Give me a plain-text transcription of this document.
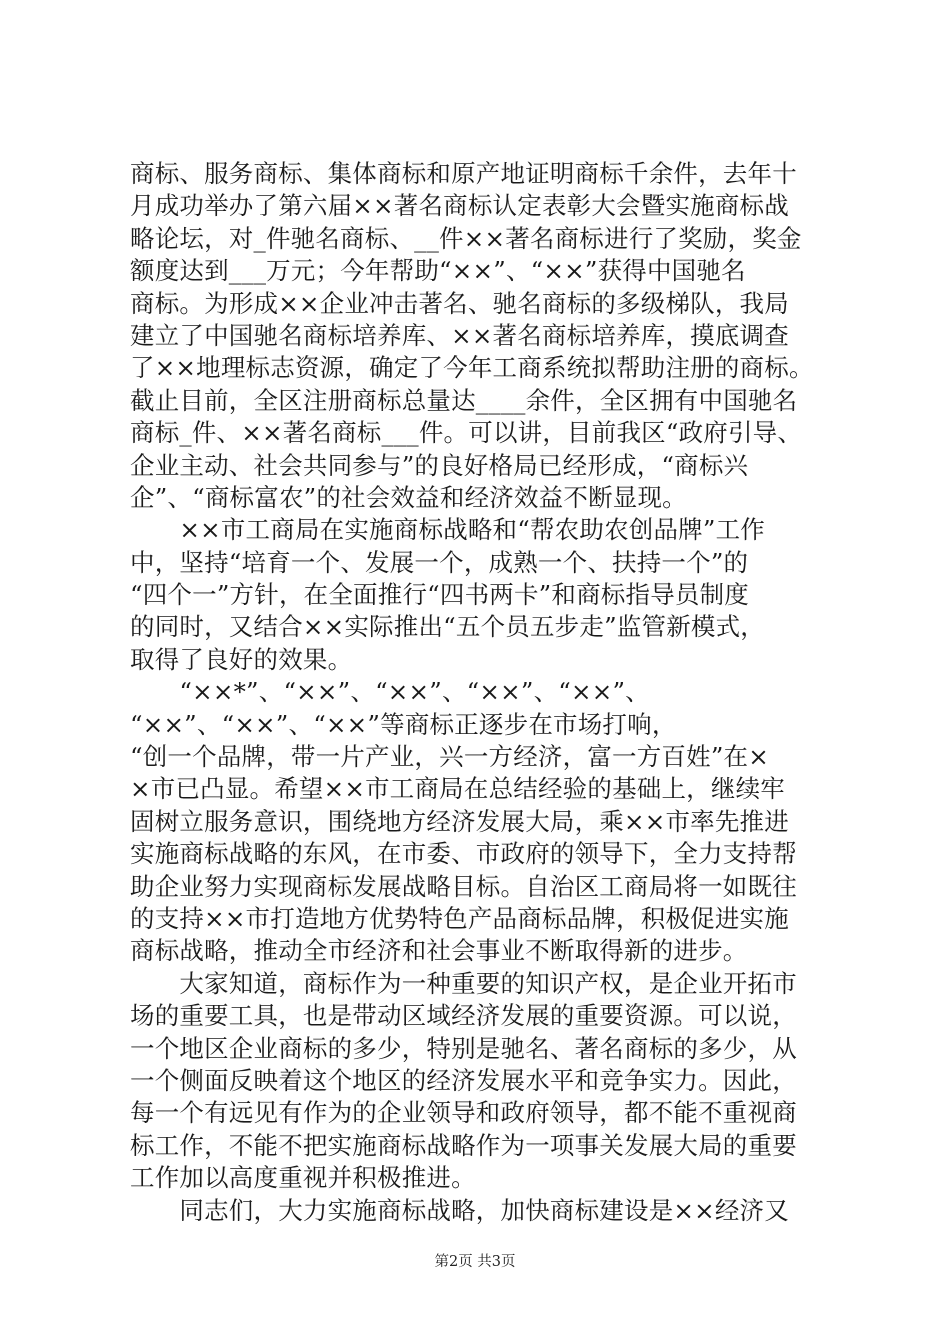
商标、服务商标、集体商标和原产地证明商标千余件，去年十
月成功举办了第六届××著名商标认定表彰大会暨实施商标战
略论坛，对_件驰名商标、__件××著名商标进行了奖励，奖金
额度达到___万元；今年帮助“××”、“××”获得中国驰名
商标。为形成××企业冲击著名、驰名商标的多级梯队，我局
建立了中国驰名商标培养库、××著名商标培养库，摸底调查
了××地理标志资源，确定了今年工商系统拟帮助注册的商标。
截止目前，全区注册商标总量达____余件，全区拥有中国驰名
商标_件、××著名商标___件。可以讲，目前我区“政府引导、
企业主动、社会共同参与”的良好格局已经形成，“商标兴
企”、“商标富农”的社会效益和经济效益不断显现。
　　××市工商局在实施商标战略和“帮农助农创品牌”工作
中，坚持“培育一个、发展一个，成熟一个、扶持一个”的
“四个一”方针，在全面推行“四书两卡”和商标指导员制度
的同时，又结合××实际推出“五个员五步走”监管新模式，
取得了良好的效果。
　　“××*”、“××”、“××”、“××”、“××”、
“××”、“××”、“××”等商标正逐步在市场打响，
“创一个品牌，带一片产业，兴一方经济，富一方百姓”在×
×市已凸显。希望××市工商局在总结经验的基础上，继续牢
固树立服务意识，围绕地方经济发展大局，乘××市率先推进
实施商标战略的东风，在市委、市政府的领导下，全力支持帮
助企业努力实现商标发展战略目标。自治区工商局将一如既往
的支持××市打造地方优势特色产品商标品牌，积极促进实施
商标战略，推动全市经济和社会事业不断取得新的进步。
　　大家知道，商标作为一种重要的知识产权，是企业开拓市
场的重要工具，也是带动区域经济发展的重要资源。可以说，
一个地区企业商标的多少，特别是驰名、著名商标的多少，从
一个侧面反映着这个地区的经济发展水平和竞争实力。因此，
每一个有远见有作为的企业领导和政府领导，都不能不重视商
标工作，不能不把实施商标战略作为一项事关发展大局的重要
工作加以高度重视并积极推进。
　　同志们，大力实施商标战略，加快商标建设是××经济又
第2页 共3页
